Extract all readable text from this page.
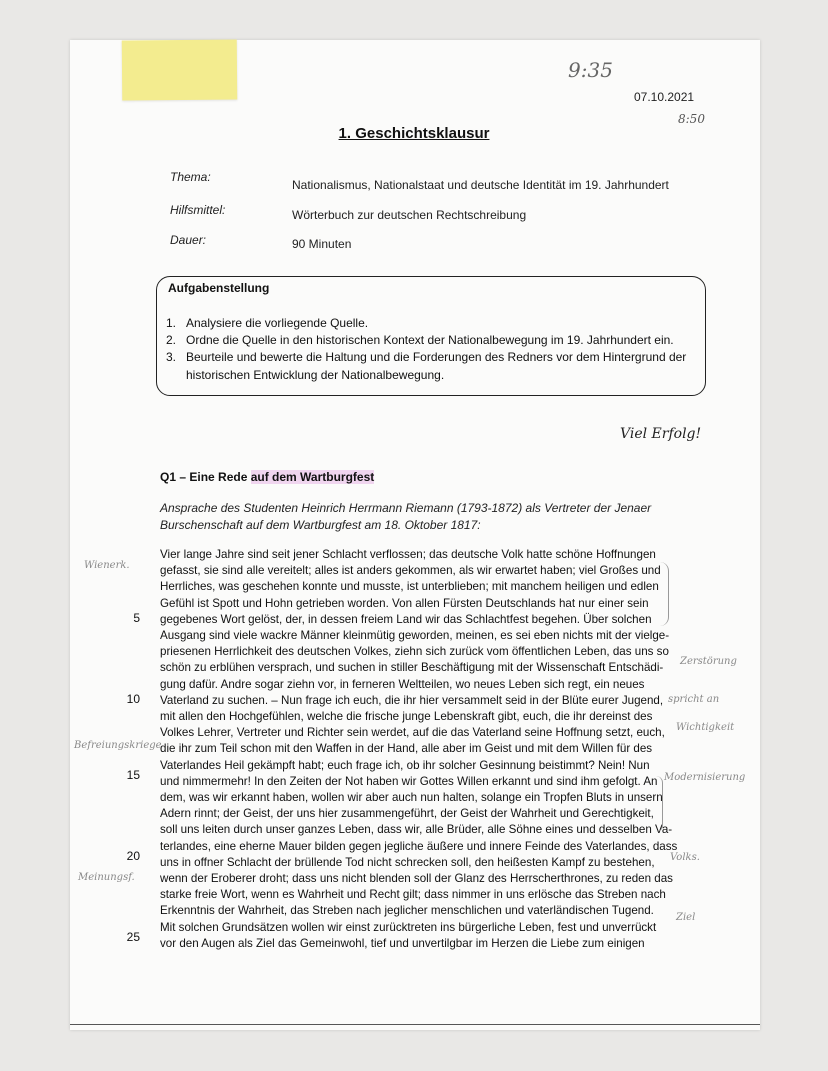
9:35
07.10.2021
8:50
1. Geschichtsklausur
Thema:
Nationalismus, Nationalstaat und deutsche Identität im 19. Jahrhundert
Hilfsmittel:	Wörterbuch zur deutschen Rechtschreibung
Dauer:	90 Minuten
Aufgabenstellung
1. Analysiere die vorliegende Quelle.
2. Ordne die Quelle in den historischen Kontext der Nationalbewegung im 19. Jahrhundert ein.
3. Beurteile und bewerte die Haltung und die Forderungen des Redners vor dem Hintergrund der
historischen Entwicklung der Nationalbewegung.
Viel Erfolg!
Q1 – Eine Rede auf dem Wartburgfest
Ansprache des Studenten Heinrich Herrmann Riemann (1793-1872) als Vertreter der Jenaer Burschenschaft auf dem Wartburgfest am 18. Oktober 1817:
Vier lange Jahre sind seit jener Schlacht verflossen; das deutsche Volk hatte schöne Hoffnungen
gefasst, sie sind alle vereitelt; alles ist anders gekommen, als wir erwartet haben; viel Großes und
Herrliches, was geschehen konnte und musste, ist unterblieben; mit manchem heiligen und edlen
Gefühl ist Spott und Hohn getrieben worden. Von allen Fürsten Deutschlands hat nur einer sein
gegebenes Wort gelöst, der, in dessen freiem Land wir das Schlachtfest begehen. Über solchen
Ausgang sind viele wackre Männer kleinmütig geworden, meinen, es sei eben nichts mit der vielge-
priesenen Herrlichkeit des deutschen Volkes, ziehn sich zurück vom öffentlichen Leben, das uns so
schön zu erblühen versprach, und suchen in stiller Beschäftigung mit der Wissenschaft Entschädi-
gung dafür. Andre sogar ziehn vor, in ferneren Weltteilen, wo neues Leben sich regt, ein neues
Vaterland zu suchen. – Nun frage ich euch, die ihr hier versammelt seid in der Blüte eurer Jugend,
mit allen den Hochgefühlen, welche die frische junge Lebenskraft gibt, euch, die ihr dereinst des
Volkes Lehrer, Vertreter und Richter sein werdet, auf die das Vaterland seine Hoffnung setzt, euch,
die ihr zum Teil schon mit den Waffen in der Hand, alle aber im Geist und mit dem Willen für des
Vaterlandes Heil gekämpft habt; euch frage ich, ob ihr solcher Gesinnung beistimmt? Nein! Nun
und nimmermehr! In den Zeiten der Not haben wir Gottes Willen erkannt und sind ihm gefolgt. An
dem, was wir erkannt haben, wollen wir aber auch nun halten, solange ein Tropfen Bluts in unsern
Adern rinnt; der Geist, der uns hier zusammengeführt, der Geist der Wahrheit und Gerechtigkeit,
soll uns leiten durch unser ganzes Leben, dass wir, alle Brüder, alle Söhne eines und desselben Va-
terlandes, eine eherne Mauer bilden gegen jegliche äußere und innere Feinde des Vaterlandes, dass
uns in offner Schlacht der brüllende Tod nicht schrecken soll, den heißesten Kampf zu bestehen,
wenn der Eroberer droht; dass uns nicht blenden soll der Glanz des Herrscherthrones, zu reden das
starke freie Wort, wenn es Wahrheit und Recht gilt; dass nimmer in uns erlösche das Streben nach
Erkenntnis der Wahrheit, das Streben nach jeglicher menschlichen und vaterländischen Tugend.
Mit solchen Grundsätzen wollen wir einst zurücktreten ins bürgerliche Leben, fest und unverrückt
vor den Augen als Ziel das Gemeinwohl, tief und unvertilgbar im Herzen die Liebe zum einigen
5
10
15
20
25
Wienerk.
Befreiungskriege
Meinungsf.
Zerstörung
spricht an
Wichtigkeit
Modernisierung
Volks.
Ziel
